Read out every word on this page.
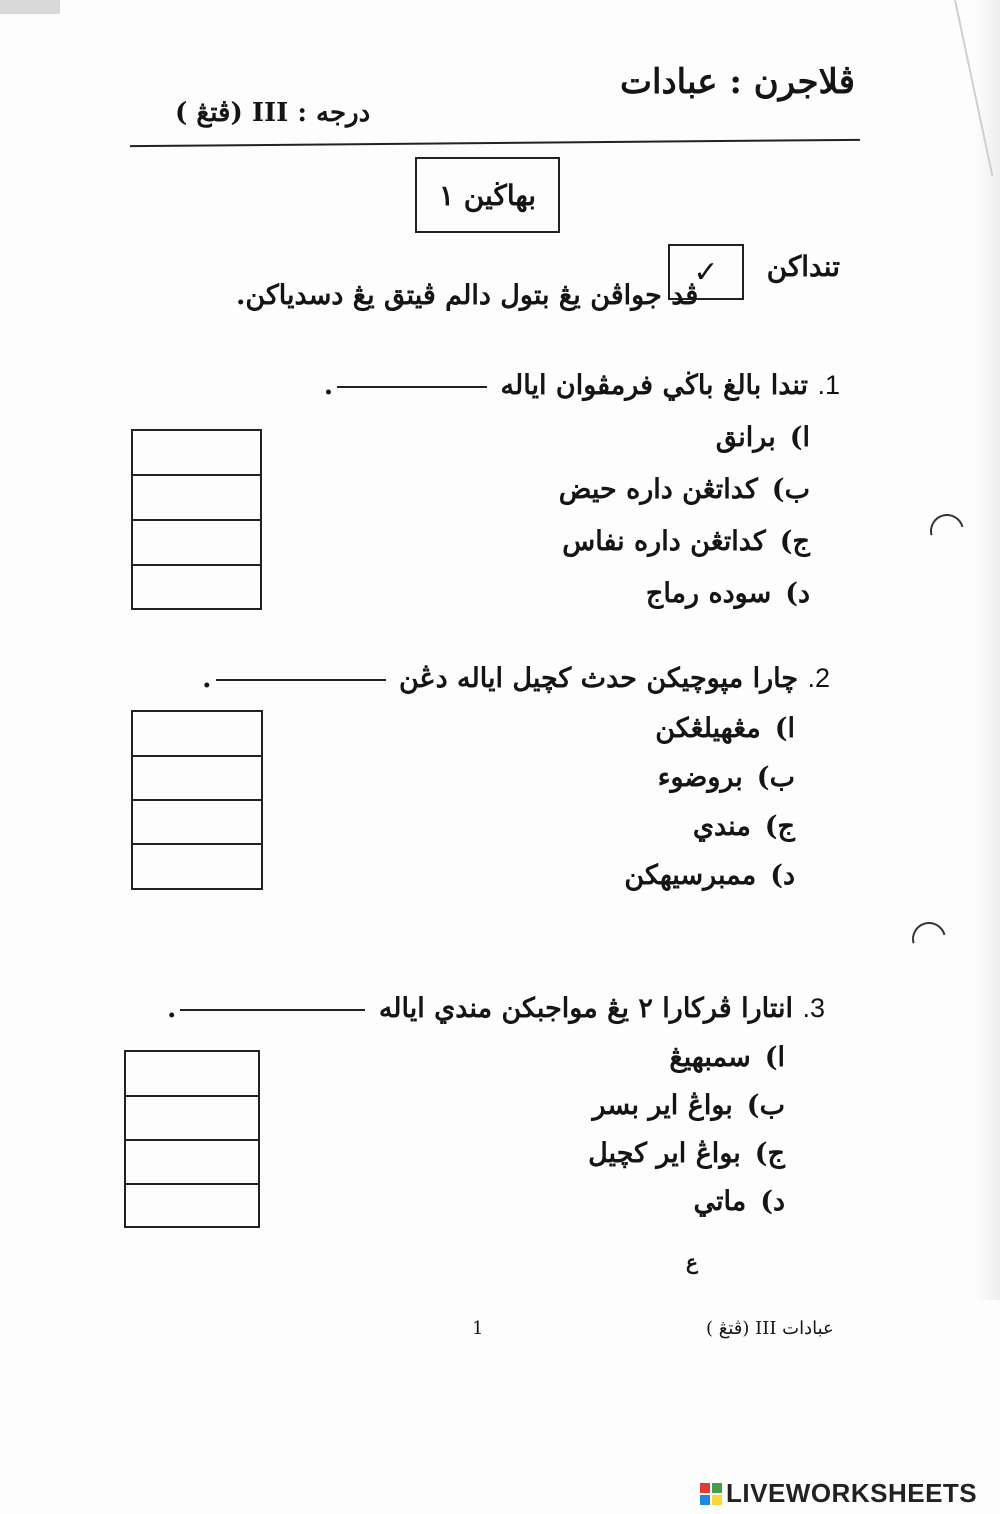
ڤلاجرن : عبادات
درجه : III (ڤتڠ )
بهاڬين ١
تنداکن
✓
ڤد جواڤن يڠ بتول دالم ڤيتق يڠ دسدياکن.
1. تندا بالغ باڬي فرمڤوان اياله .
ا)برانق
ب)کداتڠن داره حيض
ج)کداتڠن داره نفاس
د)سوده رماج
2. چارا مپوچيکن حدث کچيل اياله دڠن .
ا)مڠهيلڠکن
ب)بروضوء
ج)مندي
د)ممبرسيهکن
3. انتارا ڤرکارا ٢ يڠ مواجبکن مندي اياله .
ا)سمبهيڠ
ب)بواڠ اير بسر
ج)بواڠ اير کچيل
د)ماتي
ع
عبادات III (ڤتڠ )
1
LIVEWORKSHEETS
